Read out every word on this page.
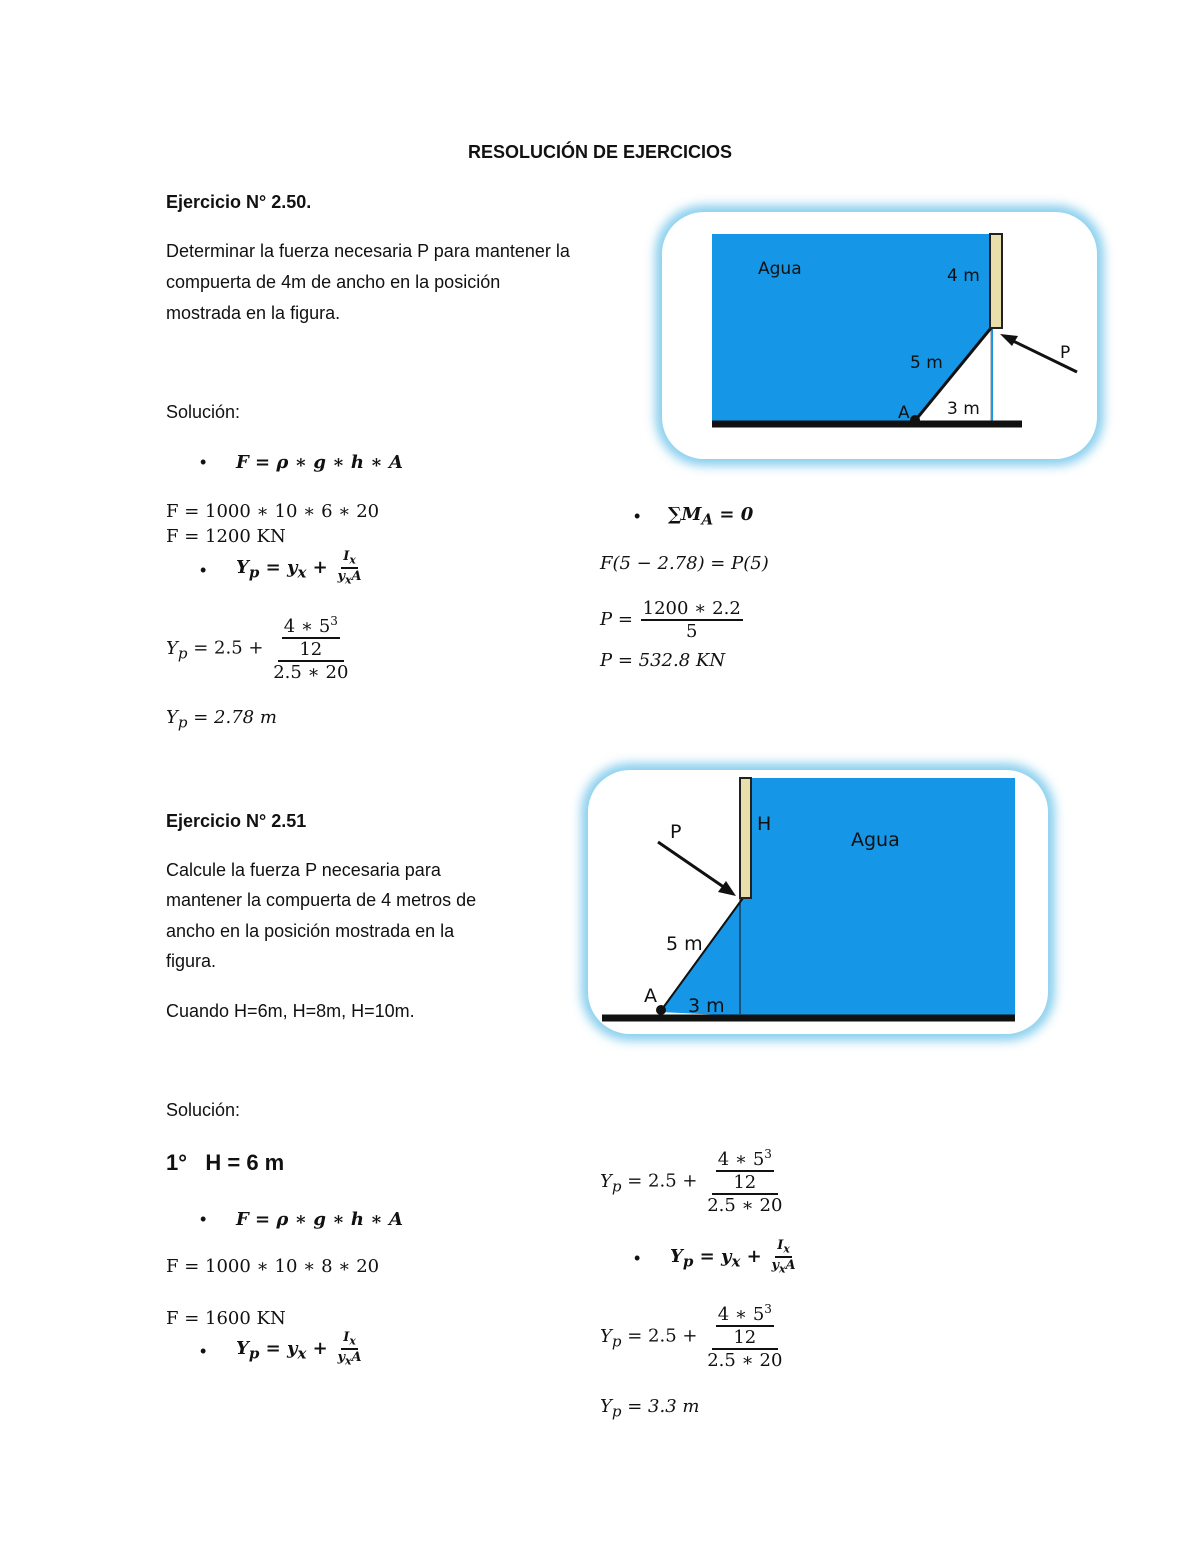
RESOLUCIÓN DE EJERCICIOS
Ejercicio N° 2.50.
Determinar la fuerza necesaria P para mantener la
compuerta de 4m de ancho en la posición
mostrada en la figura.
Solución:
Agua	4 m
5 m
3 m
A
P
• F = ρ ∗ g ∗ h ∗ A
F = 1000 ∗ 10 ∗ 6 ∗ 20
F = 1200 KN
• $Y_p = y_x + \frac{I_x}{y_xA}$
$Y_p = 2.5 + \frac{\frac{4 ∗ 5^3}{12}}{2.5 ∗ 20}$
$Y_p = 2.78$ m
• $\sum M_A = 0$
F(5 − 2.78) = P(5)
$P = \frac{1200 ∗ 2.2}{5}$
P = 532.8 KN
Ejercicio N° 2.51
Calcule la fuerza P necesaria para
mantener la compuerta de 4 metros de
ancho en la posición mostrada en la
figura.
Cuando H=6m, H=8m, H=10m.
P	H
Agua
5 m
A 3 m
Solución:
1°   H = 6 m
• F = ρ ∗ g ∗ h ∗ A
F = 1000 ∗ 10 ∗ 8 ∗ 20
F = 1600 KN
• $Y_p = y_x + \frac{I_x}{y_xA}$
$Y_p = 2.5 + \frac{\frac{4 ∗ 5^3}{12}}{2.5 ∗ 20}$
• $Y_p = y_x + \frac{I_x}{y_xA}$
$Y_p = 2.5 + \frac{\frac{4 ∗ 5^3}{12}}{2.5 ∗ 20}$
$Y_p = 3.3$ m
